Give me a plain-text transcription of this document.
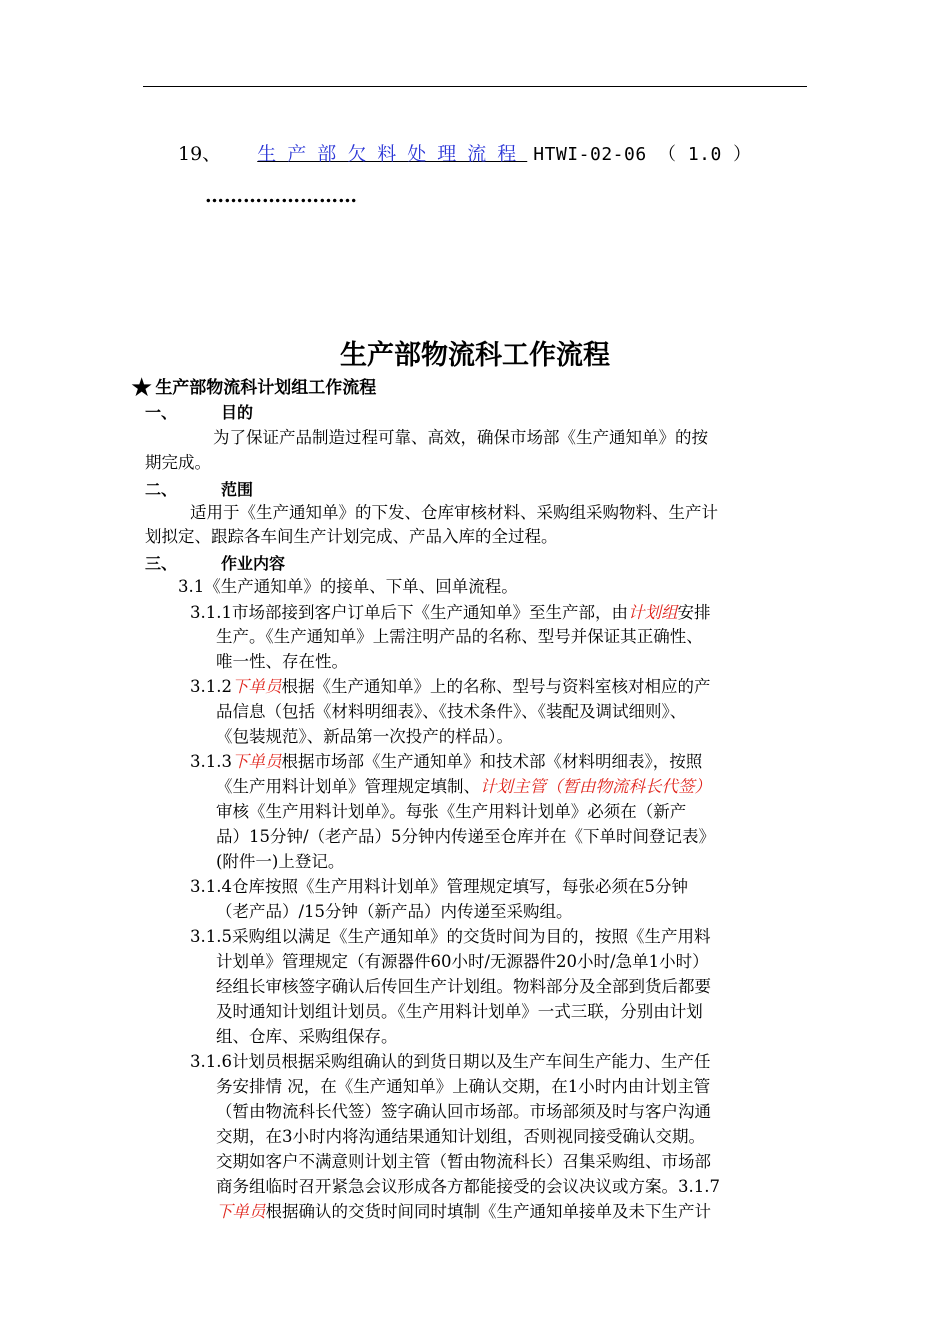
19、 生产部欠料处理流程 HTWI-02-06 （ 1.0 ）
……………………
生产部物流科工作流程
★ 生产部物流科计划组工作流程
一、	目的
为了保证产品制造过程可靠、高效，确保市场部《生产通知单》的按
期完成。
二、	范围
适用于《生产通知单》的下发、仓库审核材料、采购组采购物料、生产计
划拟定、跟踪各车间生产计划完成、产品入库的全过程。
三、	作业内容
3.1《生产通知单》的接单、下单、回单流程。
3.1.1市场部接到客户订单后下《生产通知单》至生产部，由计划组安排
生产。《生产通知单》上需注明产品的名称、型号并保证其正确性、
唯一性、存在性。
3.1.2下单员根据《生产通知单》上的名称、型号与资料室核对相应的产
品信息（包括《材料明细表》、《技术条件》、《装配及调试细则》、
《包装规范》、新品第一次投产的样品）。
3.1.3下单员根据市场部《生产通知单》和技术部《材料明细表》，按照
《生产用料计划单》管理规定填制、计划主管（暂由物流科长代签）
审核《生产用料计划单》。每张《生产用料计划单》必须在（新产
品）15分钟/（老产品）5分钟内传递至仓库并在《下单时间登记表》
(附件一)上登记。
3.1.4仓库按照《生产用料计划单》管理规定填写，每张必须在5分钟
（老产品）/15分钟（新产品）内传递至采购组。
3.1.5采购组以满足《生产通知单》的交货时间为目的，按照《生产用料
计划单》管理规定（有源器件60小时/无源器件20小时/急单1小时）
经组长审核签字确认后传回生产计划组。物料部分及全部到货后都要
及时通知计划组计划员。《生产用料计划单》一式三联，分别由计划
组、仓库、采购组保存。
3.1.6计划员根据采购组确认的到货日期以及生产车间生产能力、生产任
务安排情 况，在《生产通知单》上确认交期，在1小时内由计划主管
（暂由物流科长代签）签字确认回市场部。市场部须及时与客户沟通
交期，在3小时内将沟通结果通知计划组，否则视同接受确认交期。
交期如客户不满意则计划主管（暂由物流科长）召集采购组、市场部
商务组临时召开紧急会议形成各方都能接受的会议决议或方案。3.1.7
下单员根据确认的交货时间同时填制《生产通知单接单及未下生产计
